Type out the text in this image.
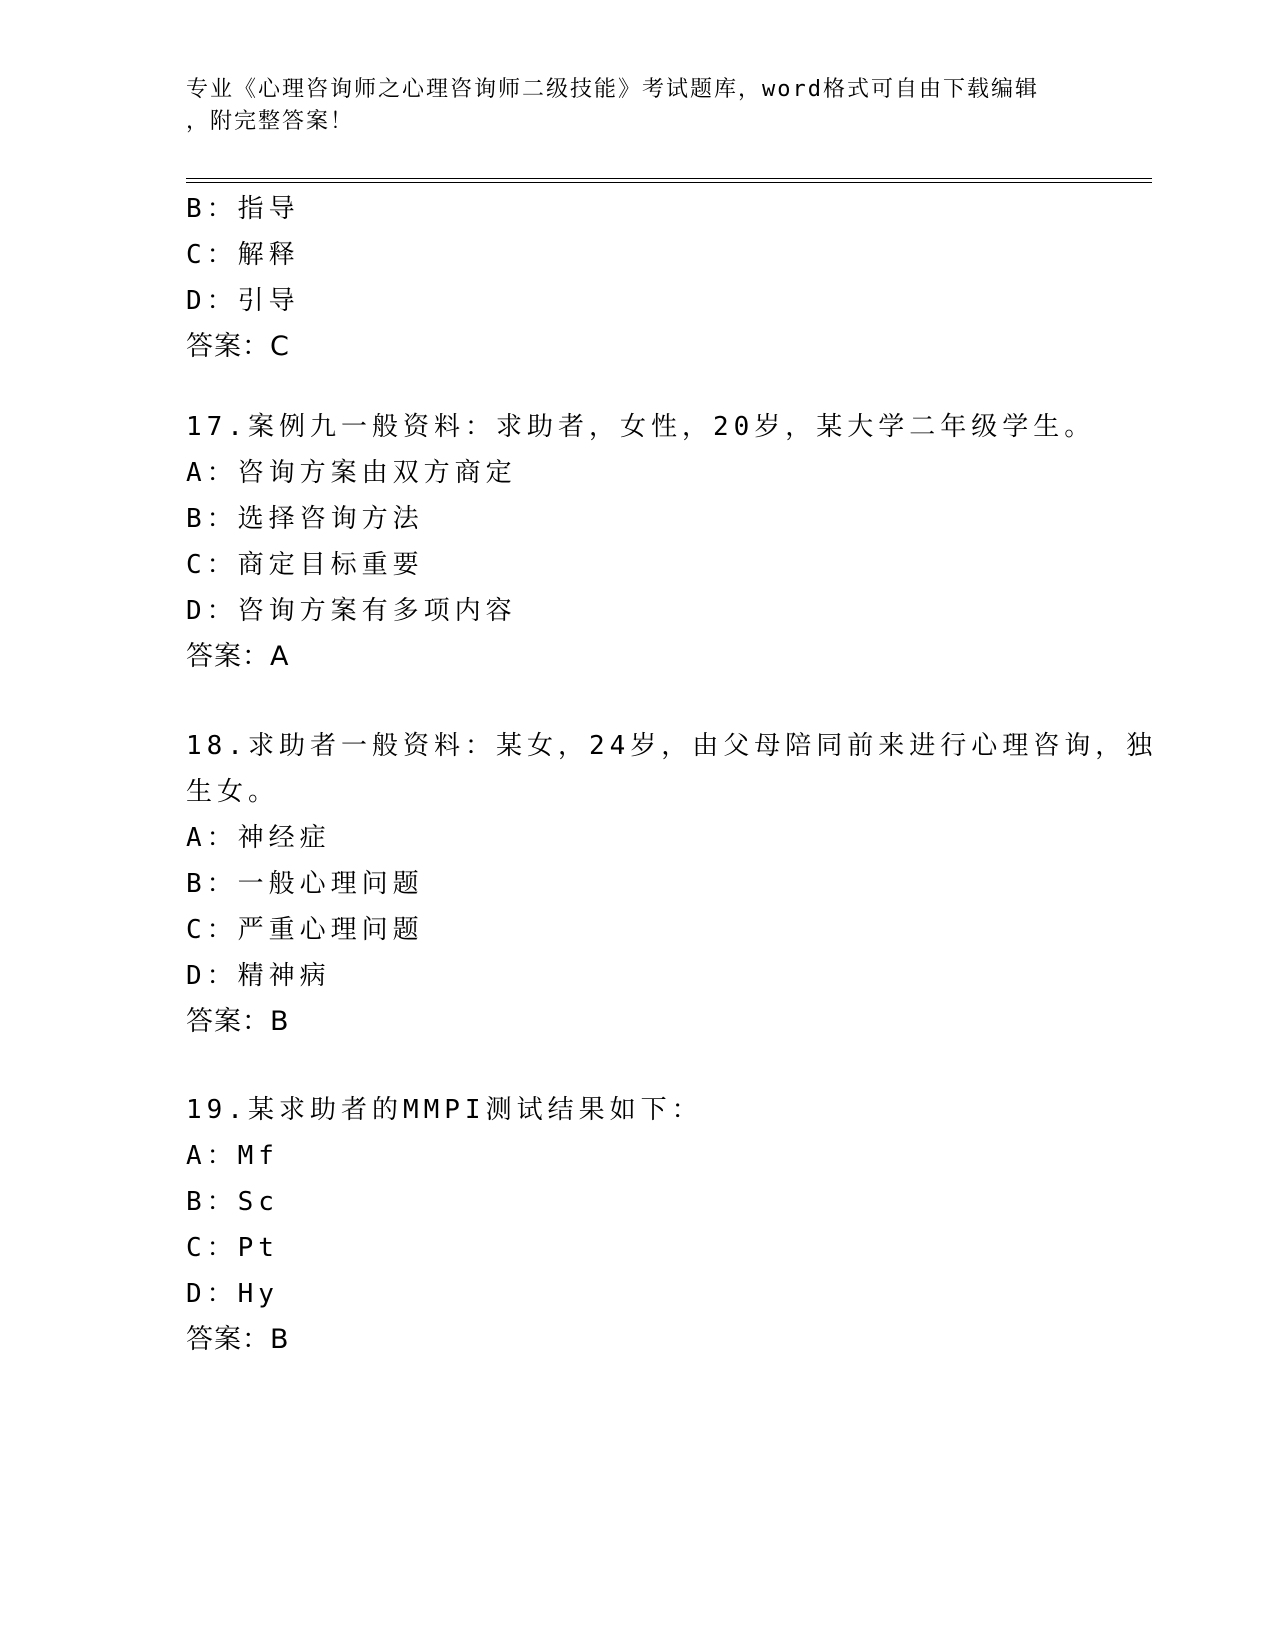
专业《心理咨询师之心理咨询师二级技能》考试题库，word格式可自由下载编辑
，附完整答案！
B：指导
C：解释
D：引导
答案：C
17.案例九一般资料：求助者，女性，20岁，某大学二年级学生。
A：咨询方案由双方商定
B：选择咨询方法
C：商定目标重要
D：咨询方案有多项内容
答案：A
18.求助者一般资料：某女，24岁，由父母陪同前来进行心理咨询，独
生女。
A：神经症
B：一般心理问题
C：严重心理问题
D：精神病
答案：B
19.某求助者的MMPI测试结果如下：
A：Mf
B：Sc
C：Pt
D：Hy
答案：B
